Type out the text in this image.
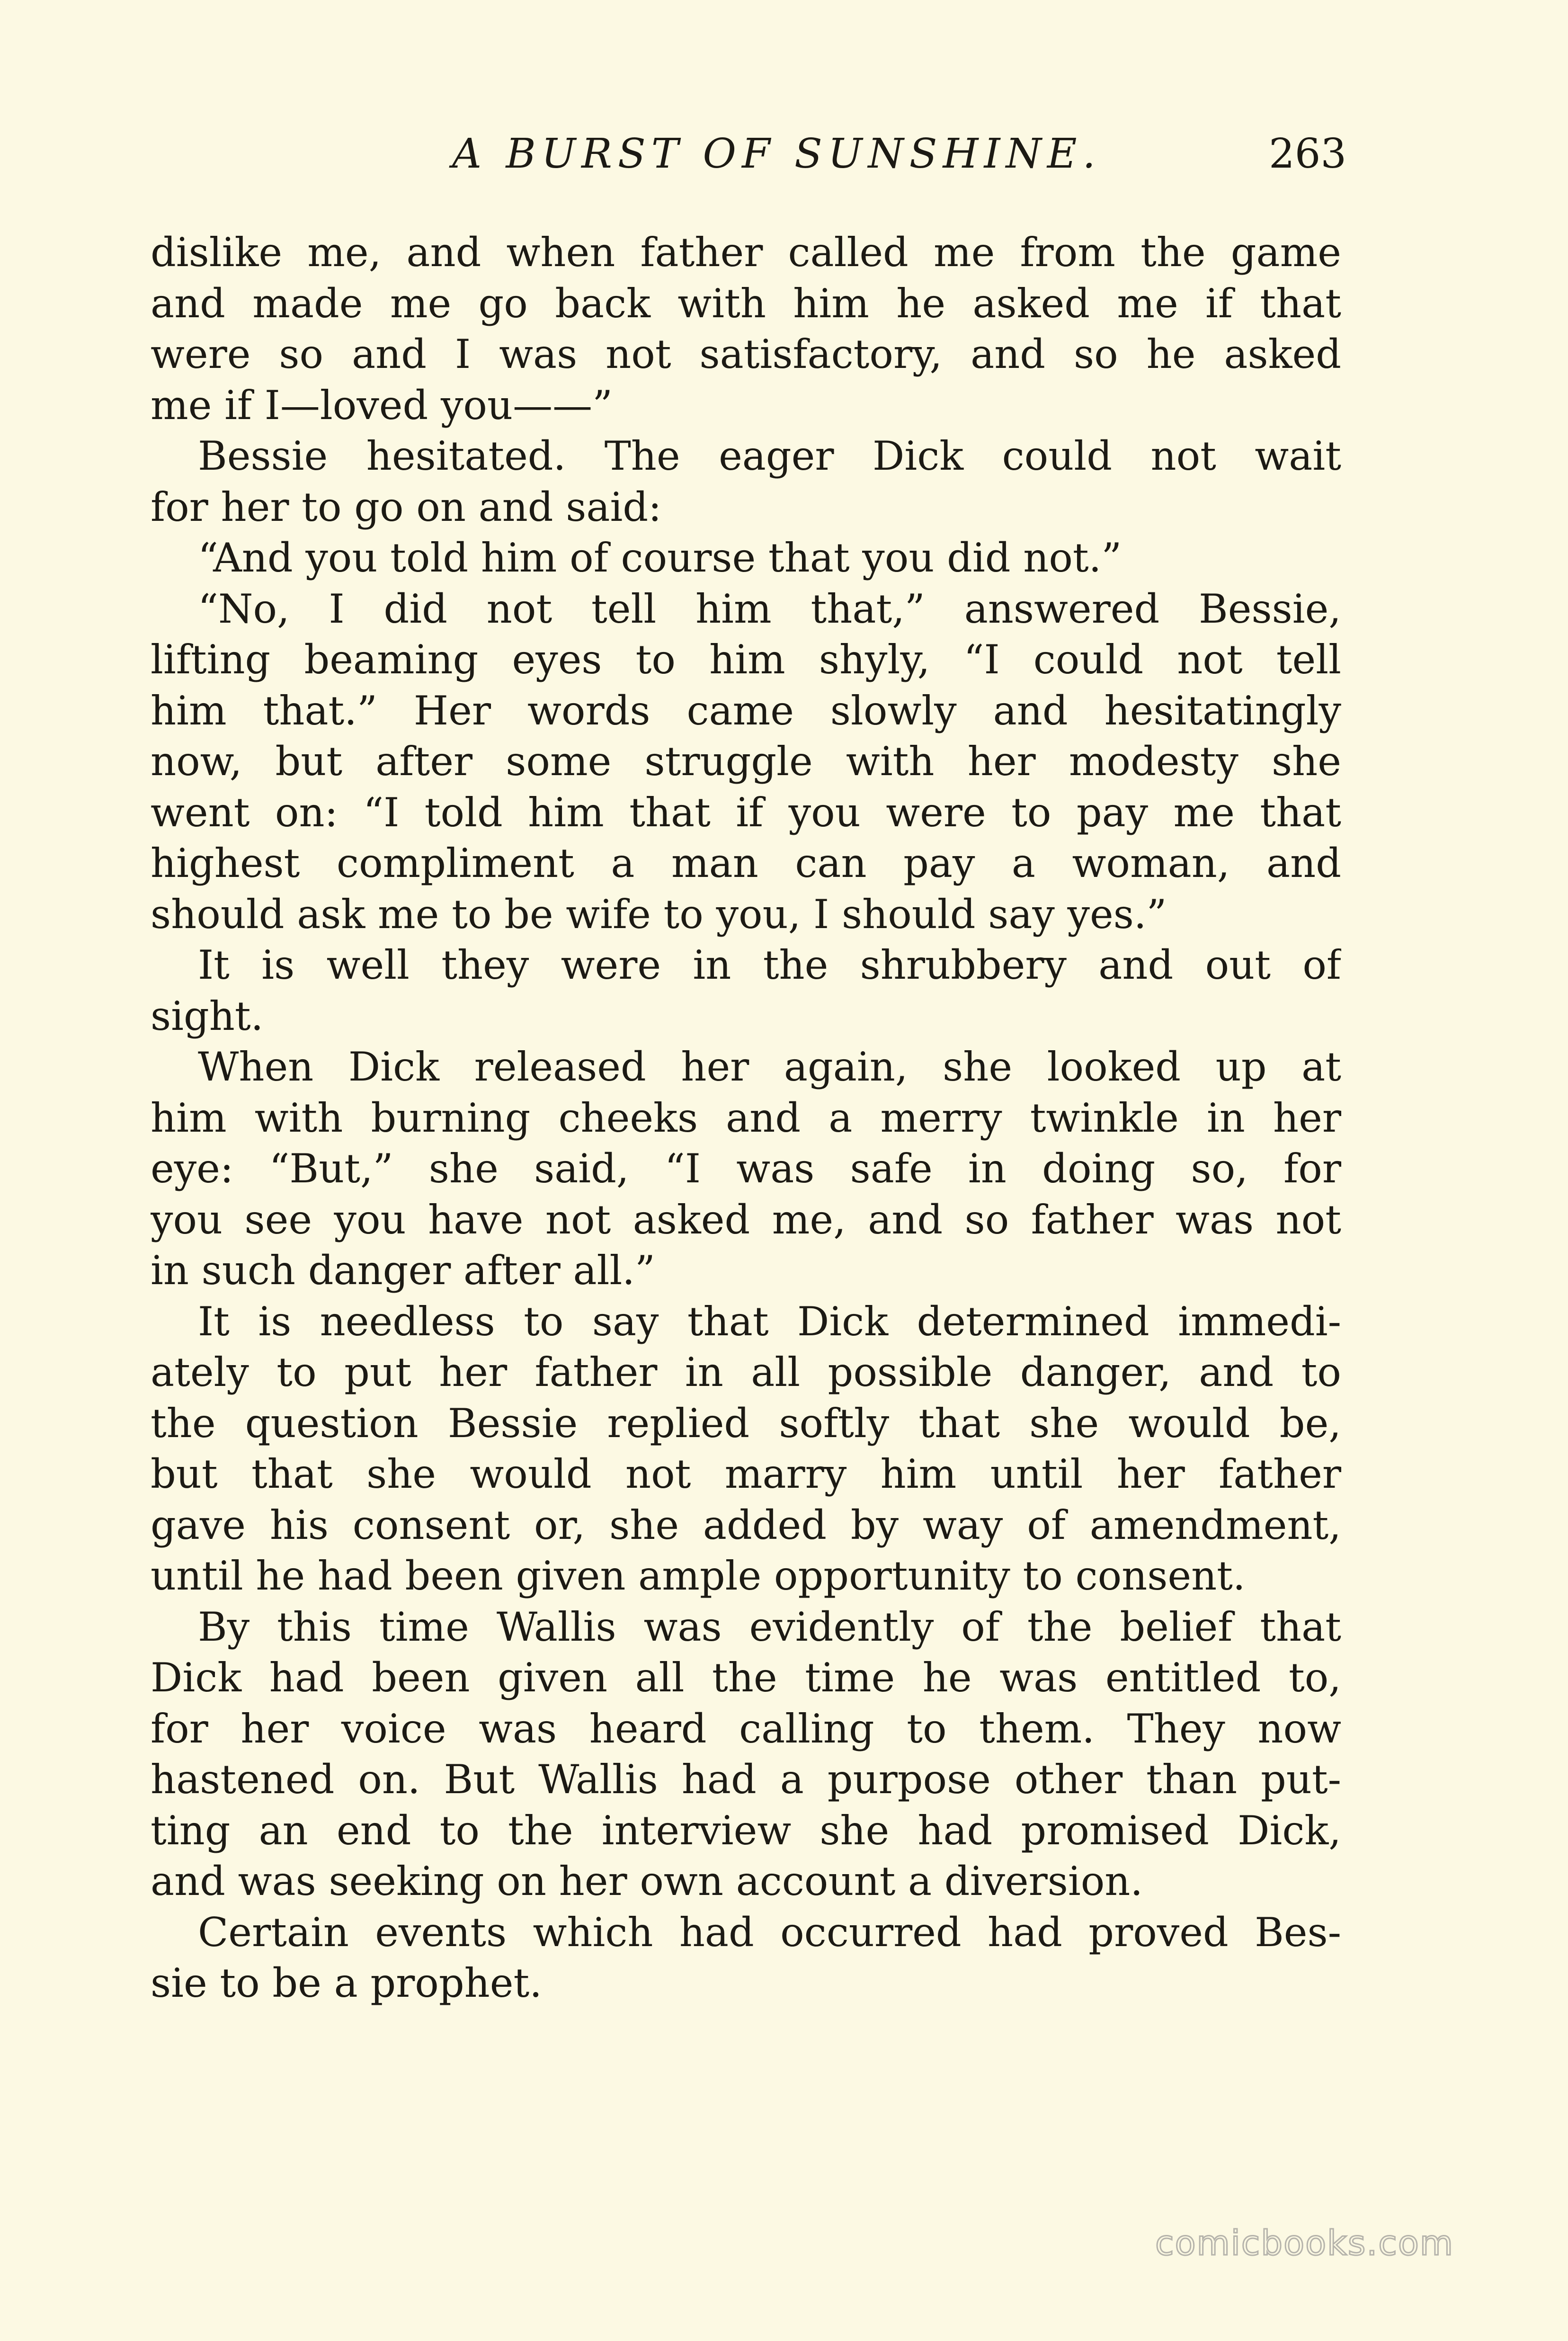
A BURST OF SUNSHINE.	263
dislike me, and when father called me from the game
and made me go back with him he asked me if that
were so and I was not satisfactory, and so he asked
me if I—loved you——”
Bessie hesitated. The eager Dick could not wait
for her to go on and said:
“And you told him of course that you did not.”
“No, I did not tell him that,” answered Bessie,
lifting beaming eyes to him shyly, “I could not tell
him that.” Her words came slowly and hesitatingly
now, but after some struggle with her modesty she
went on: “I told him that if you were to pay me that
highest compliment a man can pay a woman, and
should ask me to be wife to you, I should say yes.”
It is well they were in the shrubbery and out of
sight.
When Dick released her again, she looked up at
him with burning cheeks and a merry twinkle in her
eye: “But,” she said, “I was safe in doing so, for
you see you have not asked me, and so father was not
in such danger after all.”
It is needless to say that Dick determined immedi-
ately to put her father in all possible danger, and to
the question Bessie replied softly that she would be,
but that she would not marry him until her father
gave his consent or, she added by way of amendment,
until he had been given ample opportunity to consent.
By this time Wallis was evidently of the belief that
Dick had been given all the time he was entitled to,
for her voice was heard calling to them. They now
hastened on. But Wallis had a purpose other than put-
ting an end to the interview she had promised Dick,
and was seeking on her own account a diversion.
Certain events which had occurred had proved Bes-
sie to be a prophet.
comicbooks.com
